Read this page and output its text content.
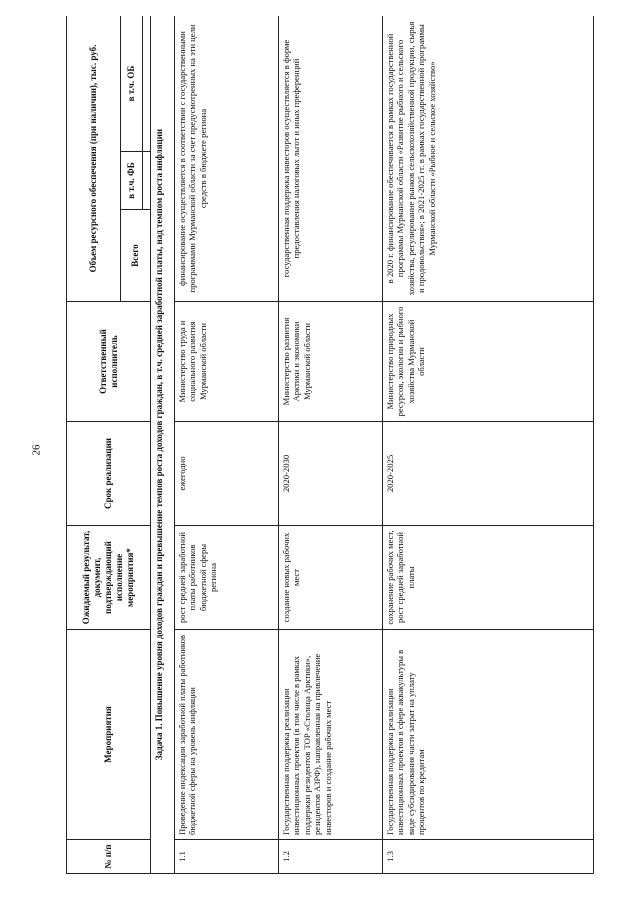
26
№ п/п	Мероприятия	Ожидаемый результат, документ, подтверждающий исполнение мероприятия*	Срок реализации	Ответственный исполнитель	Объем ресурсного обеспечения (при наличии), тыс. руб.		
					Всего	в т.ч. ФБ	в т.ч. ОБ

Задача 1. Повышение уровня доходов граждан и превышение темпов роста доходов граждан, в т.ч. средней заработной платы, над темпом роста инфляции							
1.1	Проведение индексации заработной платы работников бюджетной сферы на уровень инфляции	рост средней заработной платы работников бюджетной сферы региона	ежегодно	Министерство труда и социального развития Мурманской области	финансирование осуществляется в соответствии с государственными программами Мурманской области за счет предусмотренных на эти цели средств в бюджете региона		
1.2	Государственная поддержка реализации инвестиционных проектов (в том числе в рамках поддержки резидентов ТОР «Столица Арктики», резидентов АЗРФ), направленная на привлечение инвесторов и создание рабочих мест	создание новых рабочих мест	2020-2030	Министерство развития Арктики и экономики Мурманской области	государственная поддержка инвесторов осуществляется в форме предоставления налоговых льгот и иных преференций		
1.3	Государственная поддержка реализации инвестиционных проектов в сфере аквакультуры в виде субсидирования части затрат на уплату процентов по кредитам	сохранение рабочих мест, рост средней заработной платы	2020-2025	Министерство природных ресурсов, экологии и рыбного хозяйства Мурманской области	в 2020 г. финансирование обеспечивается в рамках государственной программы Мурманской области «Развитие рыбного и сельского хозяйства, регулирование рынков сельскохозяйственной продукции, сырья и продовольствия»; в 2021-2025 гг. в рамках государственной программы Мурманской области «Рыбное и сельское хозяйство»		
